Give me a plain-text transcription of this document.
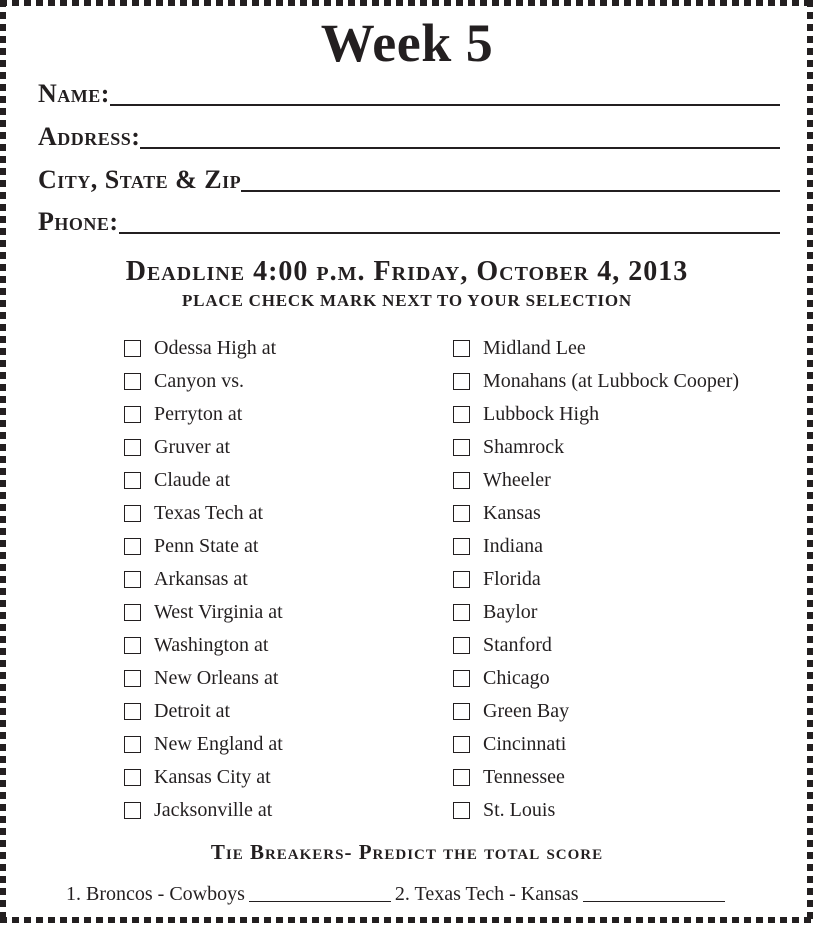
Week 5
Name:
Address:
City, State & Zip
Phone:
Deadline 4:00 p.m. Friday, October 4, 2013
PLACE CHECK MARK NEXT TO YOUR SELECTION
Odessa High at	Midland Lee
Canyon vs.	Monahans (at Lubbock Cooper)
Perryton at	Lubbock High
Gruver at	Shamrock
Claude at	Wheeler
Texas Tech at	Kansas
Penn State at	Indiana
Arkansas at	Florida
West Virginia at	Baylor
Washington at	Stanford
New Orleans at	Chicago
Detroit at	Green Bay
New England at	Cincinnati
Kansas City at	Tennessee
Jacksonville at	St. Louis
Tie Breakers- Predict the total score
1. Broncos - Cowboys	2. Texas Tech - Kansas
